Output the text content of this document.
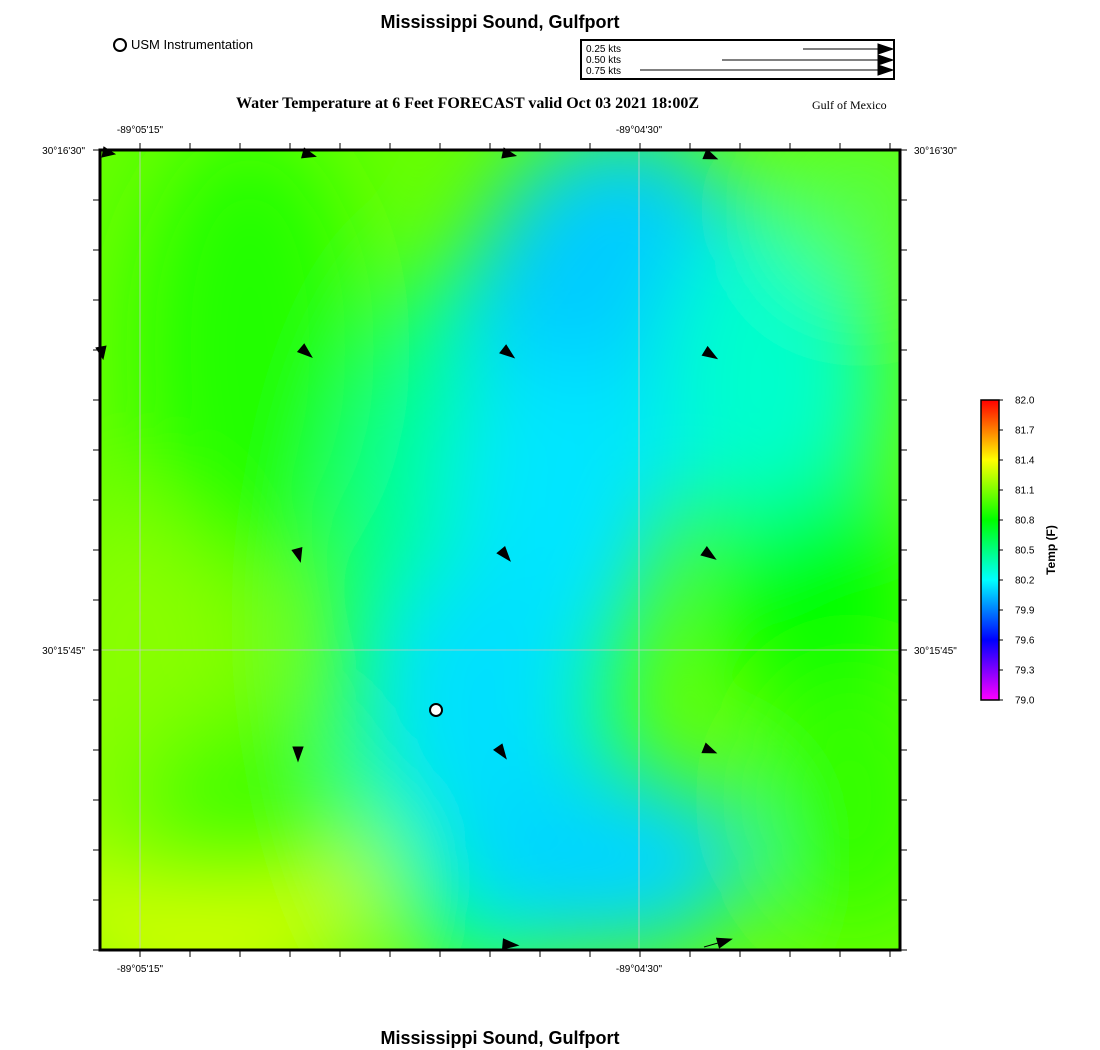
Mississippi Sound, Gulfport
USM Instrumentation
Water Temperature at 6 Feet FORECAST valid Oct 03 2021 18:00Z	Gulf of Mexico
-89°05'15"	-89°04'30"
-89°05'15"	-89°04'30"
30°16'30"
30°15'45"
30°16'30"
30°15'45"
0.25 kts
0.50 kts
0.75 kts
82.0
81.7
81.4
81.1
80.8
80.5
80.2
79.9
79.6
79.3
79.0
Temp (F)
Mississippi Sound, Gulfport
